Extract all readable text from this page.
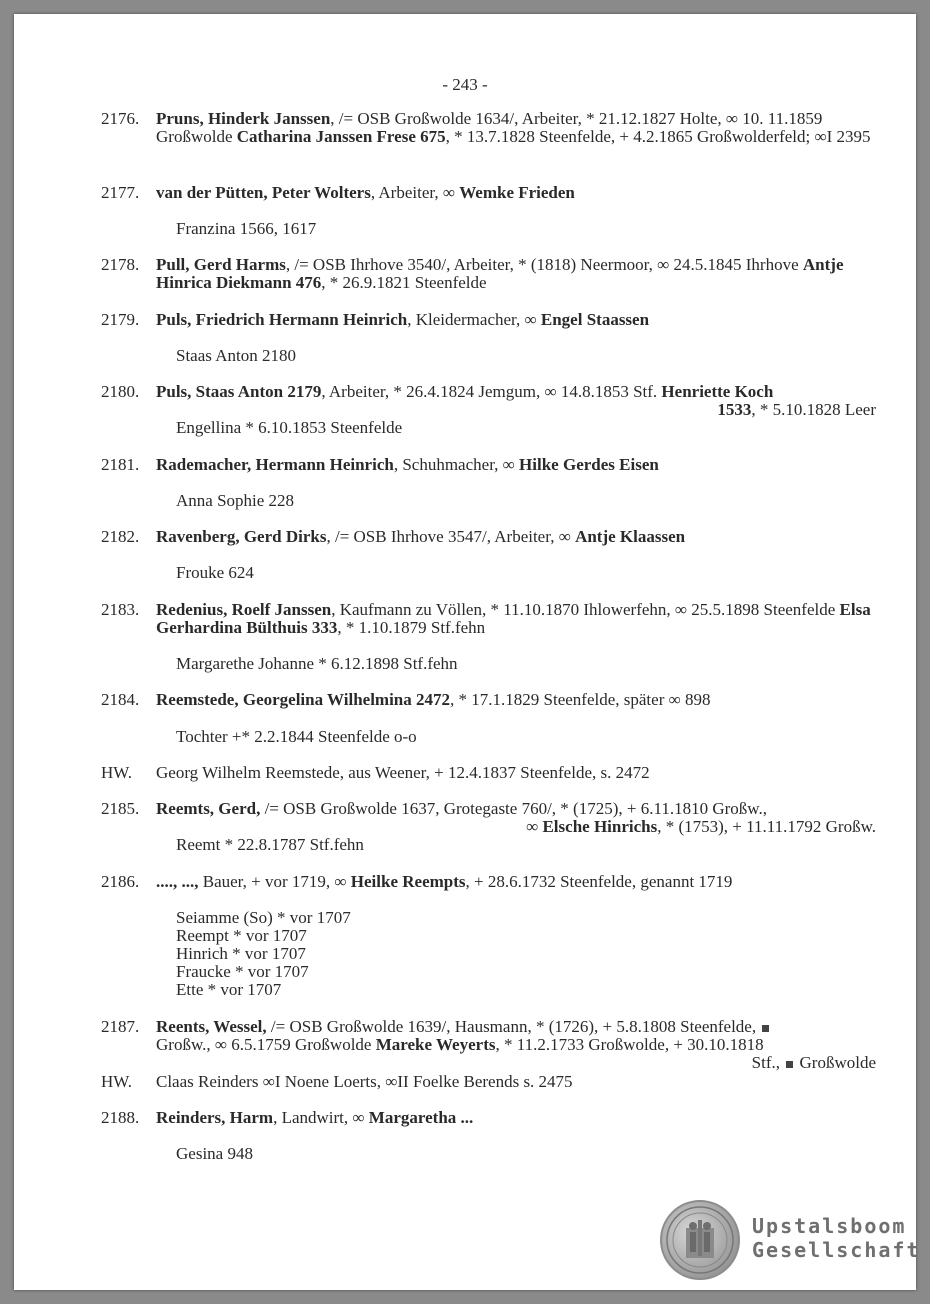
- 243 -
2176. Pruns, Hinderk Janssen, /= OSB Großwolde 1634/, Arbeiter, * 21.12.1827 Holte, ∞ 10. 11.1859 Großwolde Catharina Janssen Frese 675, * 13.7.1828 Steenfelde, + 4.2.1865 Großwolderfeld; ∞I 2395
2177. van der Pütten, Peter Wolters, Arbeiter, ∞ Wemke Frieden
Franzina 1566, 1617
2178. Pull, Gerd Harms, /= OSB Ihrhove 3540/, Arbeiter, * (1818) Neermoor, ∞ 24.5.1845 Ihrhove Antje Hinrica Diekmann 476, * 26.9.1821 Steenfelde
2179. Puls, Friedrich Hermann Heinrich, Kleidermacher, ∞ Engel Staassen
Staas Anton 2180
2180. Puls, Staas Anton 2179, Arbeiter, * 26.4.1824 Jemgum, ∞ 14.8.1853 Stf. Henriette Koch
1533, * 5.10.1828 Leer
Engellina * 6.10.1853 Steenfelde
2181. Rademacher, Hermann Heinrich, Schuhmacher, ∞ Hilke Gerdes Eisen
Anna Sophie 228
2182. Ravenberg, Gerd Dirks, /= OSB Ihrhove 3547/, Arbeiter, ∞ Antje Klaassen
Frouke 624
2183. Redenius, Roelf Janssen, Kaufmann zu Völlen, * 11.10.1870 Ihlowerfehn, ∞ 25.5.1898 Steenfelde Elsa Gerhardina Bülthuis 333, * 1.10.1879 Stf.fehn
Margarethe Johanne * 6.12.1898 Stf.fehn
2184. Reemstede, Georgelina Wilhelmina 2472, * 17.1.1829 Steenfelde, später ∞ 898
Tochter +* 2.2.1844 Steenfelde o-o
HW.	Georg Wilhelm Reemstede, aus Weener, + 12.4.1837 Steenfelde, s. 2472
2185. Reemts, Gerd, /= OSB Großwolde 1637, Grotegaste 760/, * (1725), + 6.11.1810 Großw.,
∞ Elsche Hinrichs, * (1753), + 11.11.1792 Großw.
Reemt * 22.8.1787 Stf.fehn
2186. ...., ..., Bauer, + vor 1719, ∞ Heilke Reempts, + 28.6.1732 Steenfelde, genannt 1719
Seiamme (So) * vor 1707
Reempt * vor 1707
Hinrich * vor 1707
Fraucke * vor 1707
Ette * vor 1707
2187. Reents, Wessel, /= OSB Großwolde 1639/, Hausmann, * (1726), + 5.8.1808 Steenfelde,
Großw., ∞ 6.5.1759 Großwolde Mareke Weyerts, * 11.2.1733 Großwolde, + 30.10.1818
Stf.,  Großwolde
HW.	Claas Reinders ∞I Noene Loerts, ∞II Foelke Berends s. 2475
2188. Reinders, Harm, Landwirt, ∞ Margaretha ...
Gesina 948
Upstalsboom
Gesellschaft
